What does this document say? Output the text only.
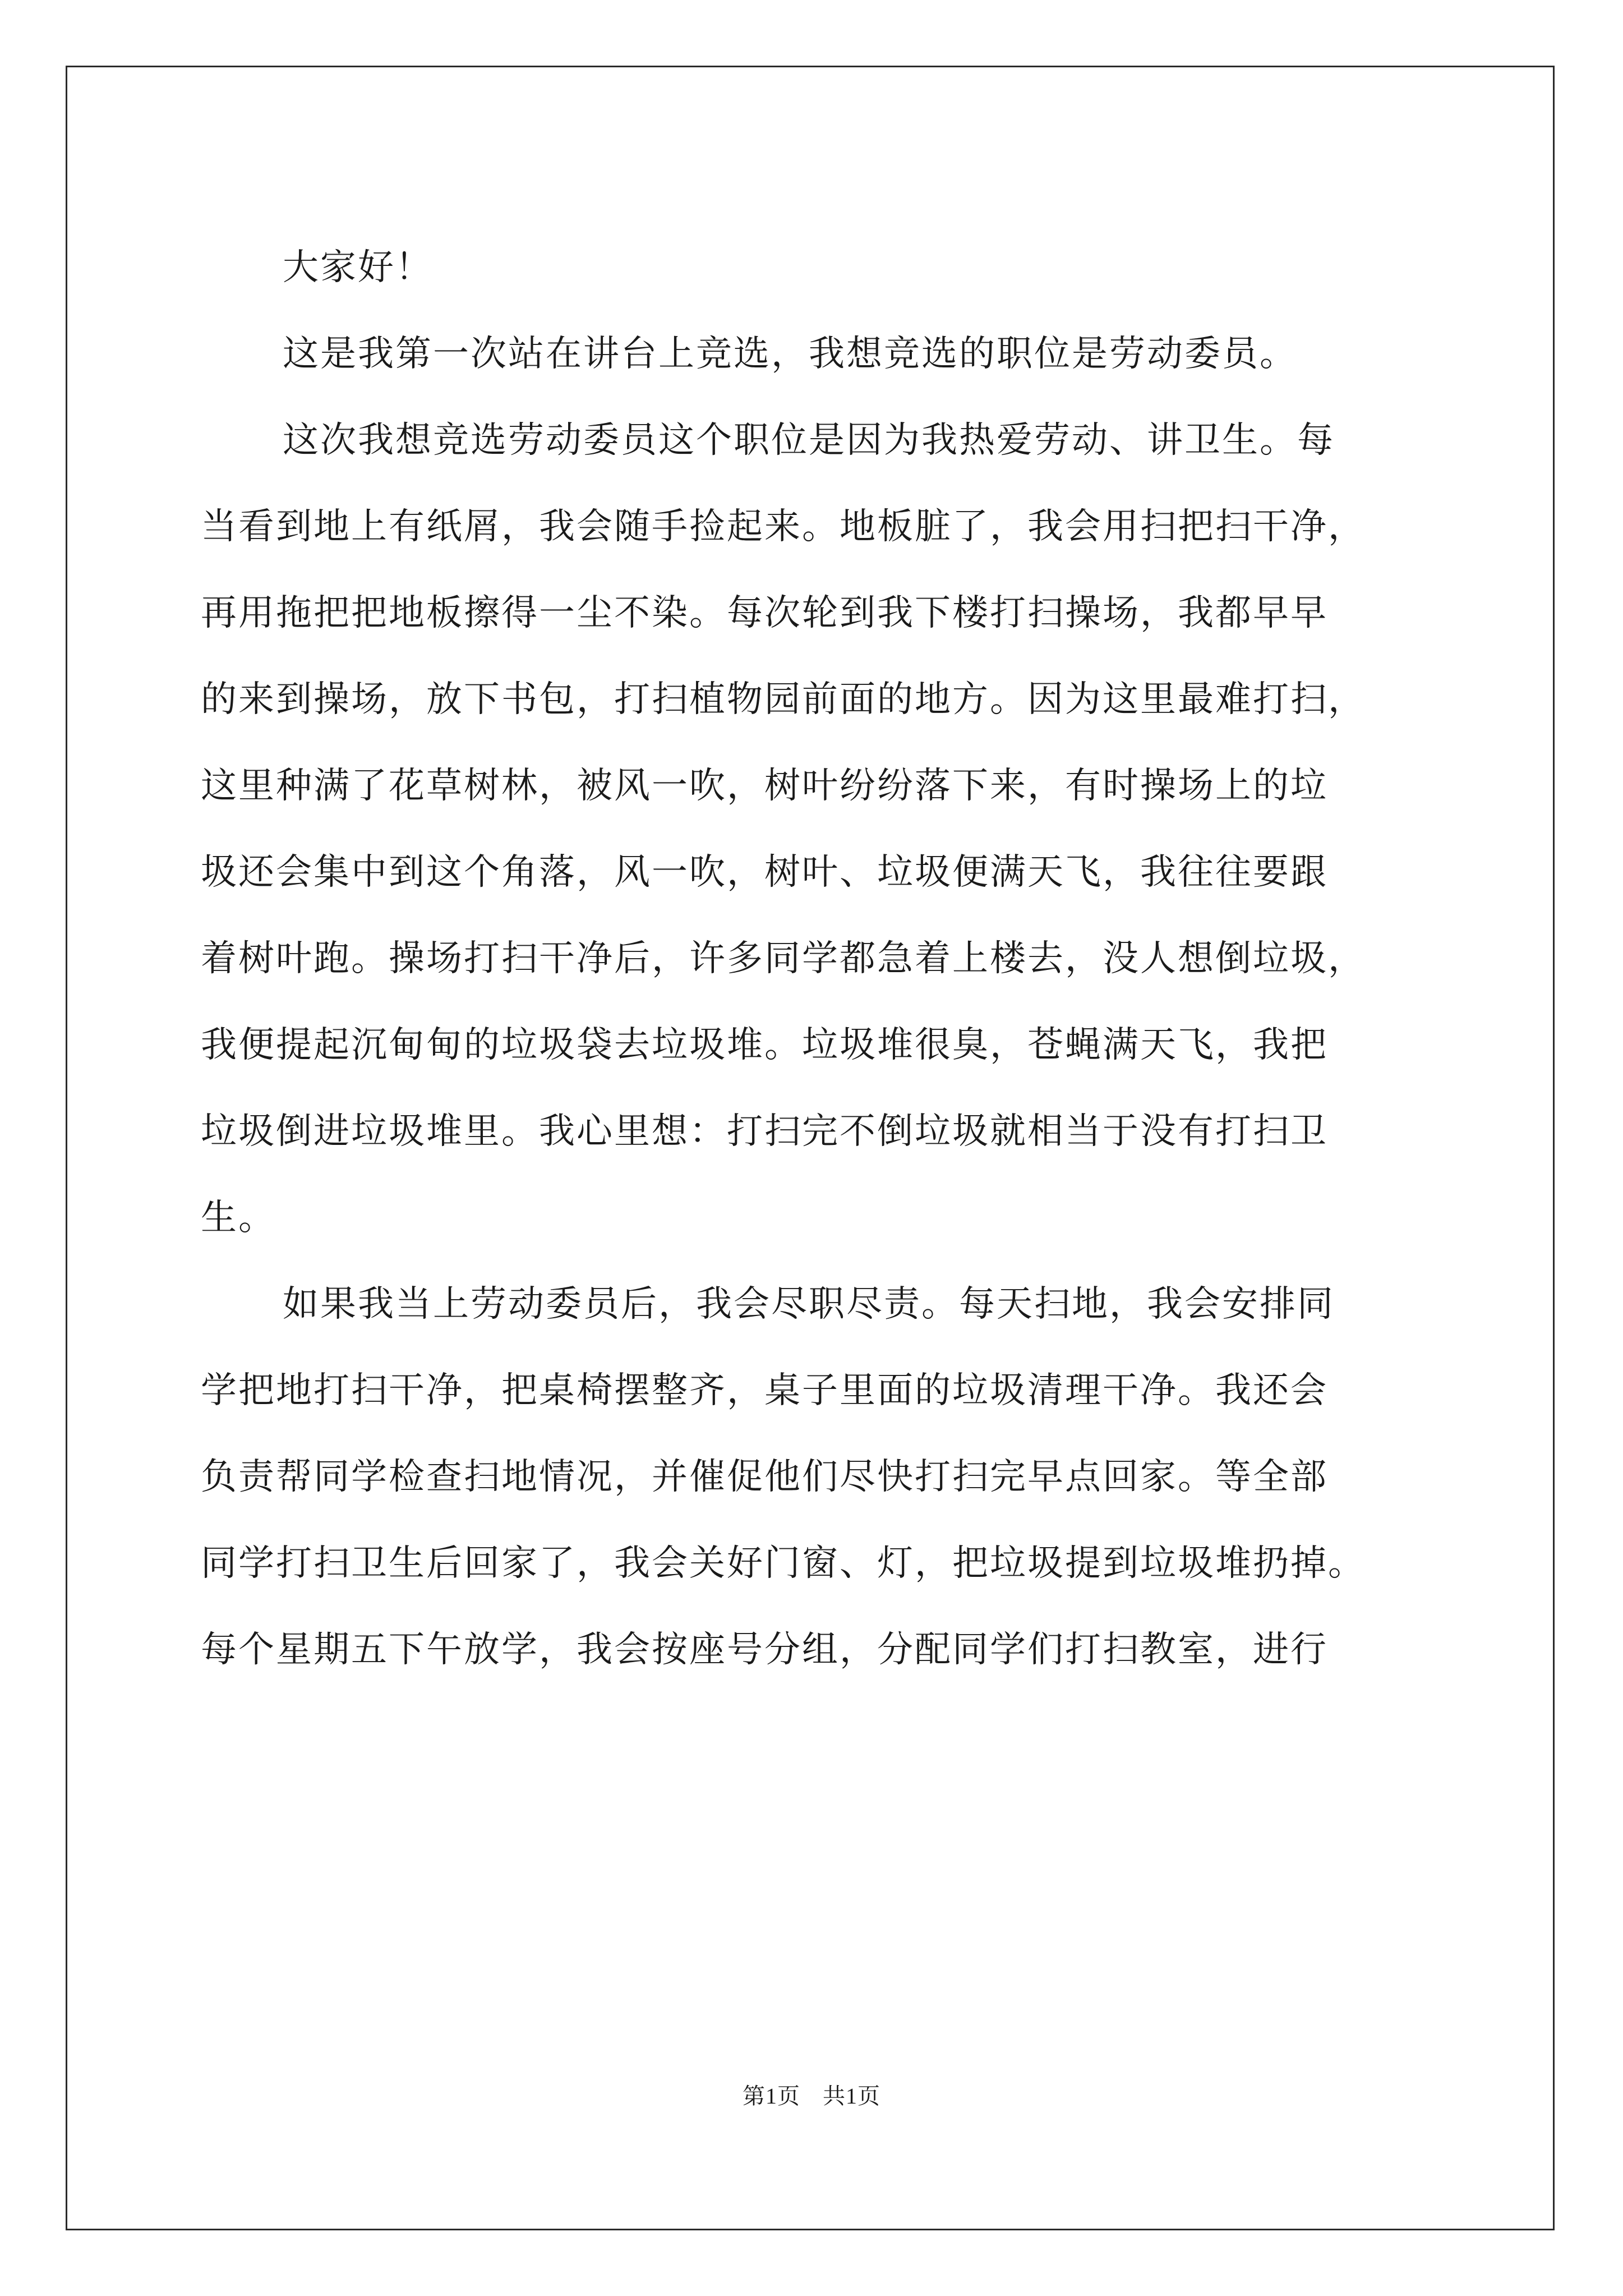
大家好！
这是我第一次站在讲台上竞选，我想竞选的职位是劳动委员。
这次我想竞选劳动委员这个职位是因为我热爱劳动、讲卫生。每
当看到地上有纸屑，我会随手捡起来。地板脏了，我会用扫把扫干净，
再用拖把把地板擦得一尘不染。每次轮到我下楼打扫操场，我都早早
的来到操场，放下书包，打扫植物园前面的地方。因为这里最难打扫，
这里种满了花草树林，被风一吹，树叶纷纷落下来，有时操场上的垃
圾还会集中到这个角落，风一吹，树叶、垃圾便满天飞，我往往要跟
着树叶跑。操场打扫干净后，许多同学都急着上楼去，没人想倒垃圾，
我便提起沉甸甸的垃圾袋去垃圾堆。垃圾堆很臭，苍蝇满天飞，我把
垃圾倒进垃圾堆里。我心里想：打扫完不倒垃圾就相当于没有打扫卫
生。
如果我当上劳动委员后，我会尽职尽责。每天扫地，我会安排同
学把地打扫干净，把桌椅摆整齐，桌子里面的垃圾清理干净。我还会
负责帮同学检查扫地情况，并催促他们尽快打扫完早点回家。等全部
同学打扫卫生后回家了，我会关好门窗、灯，把垃圾提到垃圾堆扔掉。
每个星期五下午放学，我会按座号分组，分配同学们打扫教室，进行
第1页 共1页
